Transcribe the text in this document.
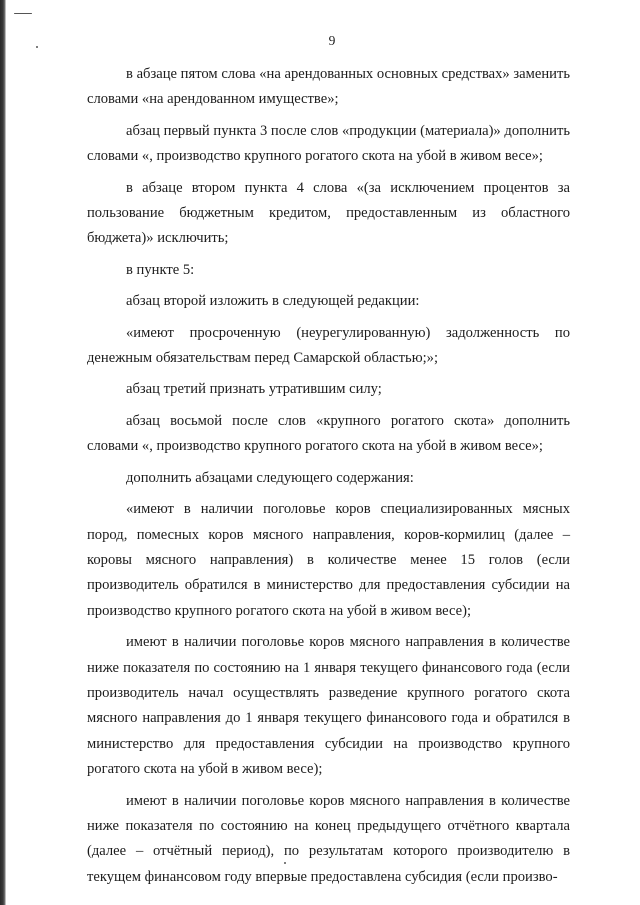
9

в абзаце пятом слова «на арендованных основных средствах» заменить словами «на арендованном имуществе»;

абзац первый пункта 3 после слов «продукции (материала)» дополнить словами «, производство крупного рогатого скота на убой в живом весе»;

в абзаце втором пункта 4 слова «(за исключением процентов за пользование бюджетным кредитом, предоставленным из областного бюджета)» исключить;

в пункте 5:

абзац второй изложить в следующей редакции:

«имеют просроченную (неурегулированную) задолженность по денежным обязательствам перед Самарской областью;»;

абзац третий признать утратившим силу;

абзац восьмой после слов «крупного рогатого скота» дополнить словами «, производство крупного рогатого скота на убой в живом весе»;

дополнить абзацами следующего содержания:

«имеют в наличии поголовье коров специализированных мясных пород, помесных коров мясного направления, коров-кормилиц (далее – коровы мясного направления) в количестве менее 15 голов (если производитель обратился в министерство для предоставления субсидии на производство крупного рогатого скота на убой в живом весе);

имеют в наличии поголовье коров мясного направления в количестве ниже показателя по состоянию на 1 января текущего финансового года (если производитель начал осуществлять разведение крупного рогатого скота мясного направления до 1 января текущего финансового года и обратился в министерство для предоставления субсидии на производство крупного рогатого скота на убой в живом весе);

имеют в наличии поголовье коров мясного направления в количестве ниже показателя по состоянию на конец предыдущего отчётного квартала (далее – отчётный период), по результатам которого производителю в текущем финансовом году впервые предоставлена субсидия (если произво-
